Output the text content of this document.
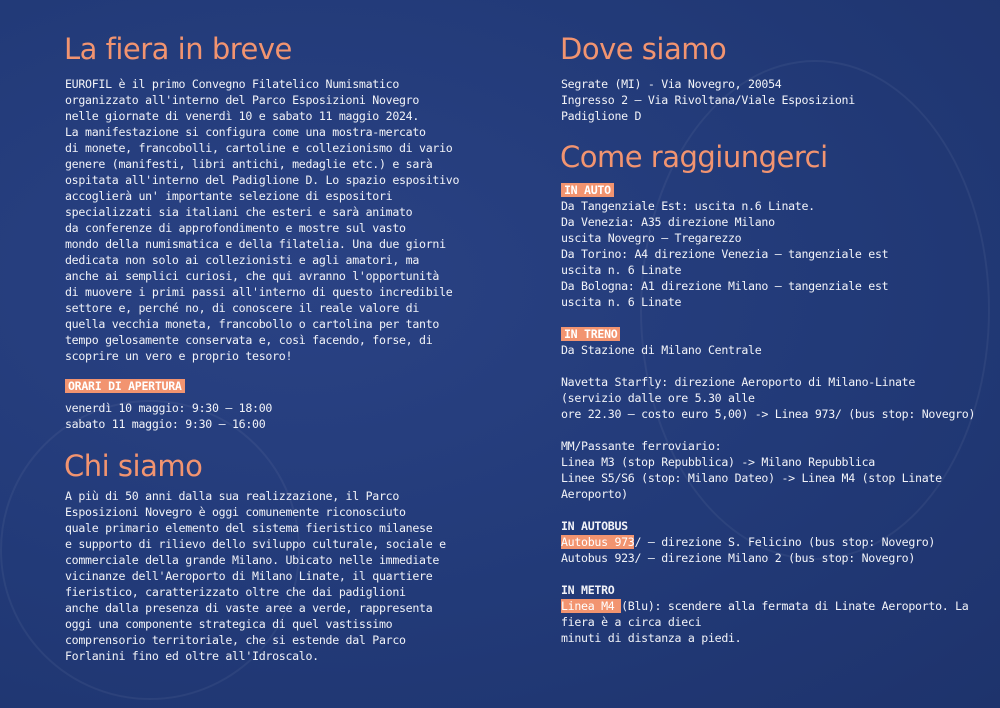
La fiera in breve
EUROFIL è il primo Convegno Filatelico Numismatico
organizzato all'interno del Parco Esposizioni Novegro
nelle giornate di venerdì 10 e sabato 11 maggio 2024.
La manifestazione si configura come una mostra-mercato
di monete, francobolli, cartoline e collezionismo di vario
genere (manifesti, libri antichi, medaglie etc.) e sarà
ospitata all'interno del Padiglione D. Lo spazio espositivo
accoglierà un' importante selezione di espositori
specializzati sia italiani che esteri e sarà animato
da conferenze di approfondimento e mostre sul vasto
mondo della numismatica e della filatelia. Una due giorni
dedicata non solo ai collezionisti e agli amatori, ma
anche ai semplici curiosi, che qui avranno l'opportunità
di muovere i primi passi all'interno di questo incredibile
settore e, perché no, di conoscere il reale valore di
quella vecchia moneta, francobollo o cartolina per tanto
tempo gelosamente conservata e, così facendo, forse, di
scoprire un vero e proprio tesoro!
ORARI DI APERTURA
venerdì 10 maggio: 9:30 – 18:00
sabato 11 maggio: 9:30 – 16:00
Chi siamo
A più di 50 anni dalla sua realizzazione, il Parco
Esposizioni Novegro è oggi comunemente riconosciuto
quale primario elemento del sistema fieristico milanese
e supporto di rilievo dello sviluppo culturale, sociale e
commerciale della grande Milano. Ubicato nelle immediate
vicinanze dell'Aeroporto di Milano Linate, il quartiere
fieristico, caratterizzato oltre che dai padiglioni
anche dalla presenza di vaste aree a verde, rappresenta
oggi una componente strategica di quel vastissimo
comprensorio territoriale, che si estende dal Parco
Forlanini fino ed oltre all'Idroscalo.
Dove siamo
Segrate (MI) - Via Novegro, 20054
Ingresso 2 – Via Rivoltana/Viale Esposizioni
Padiglione D
Come raggiungerci
IN AUTO
Da Tangenziale Est: uscita n.6 Linate.
Da Venezia: A35 direzione Milano
uscita Novegro – Tregarezzo
Da Torino: A4 direzione Venezia – tangenziale est
uscita n. 6 Linate
Da Bologna: A1 direzione Milano – tangenziale est
uscita n. 6 Linate
IN TRENO
Da Stazione di Milano Centrale
Navetta Starfly: direzione Aeroporto di Milano-Linate
(servizio dalle ore 5.30 alle
ore 22.30 – costo euro 5,00) -> Linea 973/ (bus stop: Novegro)
MM/Passante ferroviario:
Linea M3 (stop Repubblica) -> Milano Repubblica
Linee S5/S6 (stop: Milano Dateo) -> Linea M4 (stop Linate
Aeroporto)
IN AUTOBUS
Autobus 973/ – direzione S. Felicino (bus stop: Novegro)
Autobus 923/ – direzione Milano 2 (bus stop: Novegro)
IN METRO
Linea M4 (Blu): scendere alla fermata di Linate Aeroporto. La
fiera è a circa dieci
minuti di distanza a piedi.
